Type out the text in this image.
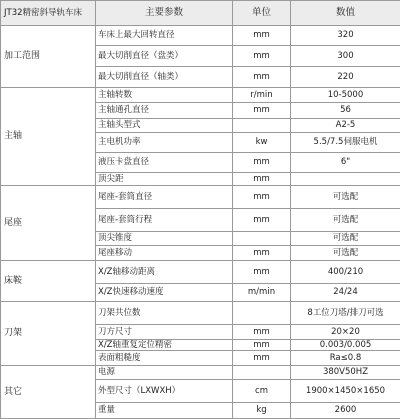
JT32精密斜导轨车床	主要参数	单位	数值
加工范围	车床上最大回转直径	mm	320
	最大切削直径（盘类）	mm	300
	最大切削直径（轴类）	mm	220
主轴	主轴转数	r/min	10-5000
	主轴通孔直径	mm	56
	主轴头型式		A2-5
	主电机功率	kw	5.5/7.5伺服电机
	液压卡盘直径	mm	6"
	顶尖距	mm	
尾座	尾座-套筒直径	mm	可选配
	尾座-套筒行程	mm	可选配
	顶尖锥度		可选配
	尾座移动	mm	可选配
床鞍	X/Z轴移动距离	mm	400/210
	X/Z快速移动速度	m/min	24/24
刀架	刀架共位数		8工位刀塔/排刀可选
	刀方尺寸	mm	20×20
	X/Z轴重复定位精密	mm	0.003/0.005
	表面粗糙度	mm	Ra≤0.8
其它	电源		380V50HZ
	外型尺寸（LXWXH）	cm	1900×1450×1650
	重量	kg	2600
